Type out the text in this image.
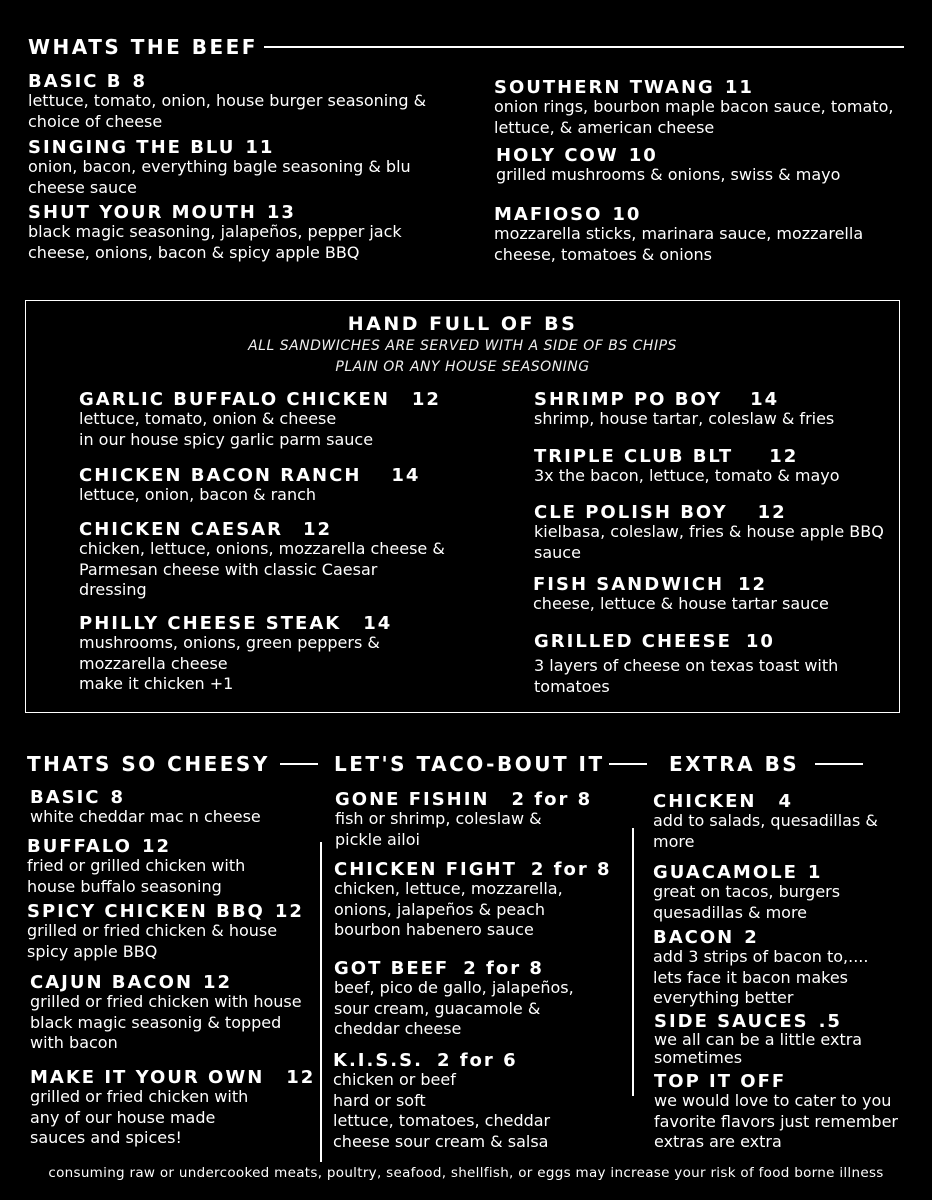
WHATS THE BEEF
BASIC B 8
lettuce, tomato, onion, house burger seasoning & choice of cheese
SINGING THE BLU 11
onion, bacon, everything bagle seasoning & blu cheese sauce
SHUT YOUR MOUTH 13
black magic seasoning, jalapeños, pepper jack cheese, onions, bacon & spicy apple BBQ
SOUTHERN TWANG 11
onion rings, bourbon maple bacon sauce, tomato, lettuce, & american cheese
HOLY COW 10
grilled mushrooms & onions, swiss & mayo
MAFIOSO 10
mozzarella sticks, marinara sauce, mozzarella cheese, tomatoes & onions
HAND FULL OF BS
ALL SANDWICHES ARE SERVED WITH A SIDE OF BS CHIPS
PLAIN OR ANY HOUSE SEASONING
GARLIC BUFFALO CHICKEN 12
lettuce, tomato, onion & cheese
in our house spicy garlic parm sauce
CHICKEN BACON RANCH 14
lettuce, onion, bacon & ranch
CHICKEN CAESAR 12
chicken, lettuce, onions, mozzarella cheese & Parmesan cheese with classic Caesar dressing
PHILLY CHEESE STEAK 14
mushrooms, onions, green peppers & mozzarella cheese
make it chicken +1
SHRIMP PO BOY 14
shrimp, house tartar, coleslaw & fries
TRIPLE CLUB BLT 12
3x the bacon, lettuce, tomato & mayo
CLE POLISH BOY 12
kielbasa, coleslaw, fries & house apple BBQ sauce
FISH SANDWICH 12
cheese, lettuce & house tartar sauce
GRILLED CHEESE 10
3 layers of cheese on texas toast with tomatoes
THATS SO CHEESY	LET'S TACO-BOUT IT	EXTRA BS
BASIC 8
white cheddar mac n cheese
BUFFALO 12
fried or grilled chicken with house buffalo seasoning
SPICY CHICKEN BBQ 12
grilled or fried chicken & house spicy apple BBQ
CAJUN BACON 12
grilled or fried chicken with house black magic seasonig & topped with bacon
MAKE IT YOUR OWN 12
grilled or fried chicken with any of our house made sauces and spices!
GONE FISHIN 2 for 8
fish or shrimp, coleslaw & pickle ailoi
CHICKEN FIGHT 2 for 8
chicken, lettuce, mozzarella, onions, jalapeños & peach bourbon habenero sauce
GOT BEEF 2 for 8
beef, pico de gallo, jalapeños, sour cream, guacamole & cheddar cheese
K.I.S.S. 2 for 6
chicken or beef
hard or soft
lettuce, tomatoes, cheddar cheese sour cream & salsa
CHICKEN 4
add to salads, quesadillas & more
GUACAMOLE 1
great on tacos, burgers quesadillas & more
BACON 2
add 3 strips of bacon to,.... lets face it bacon makes everything better
SIDE SAUCES .5
we all can be a little extra sometimes
TOP IT OFF
we would love to cater to you favorite flavors just remember extras are extra
consuming raw or undercooked meats, poultry, seafood, shellfish, or eggs may increase your risk of food borne illness
